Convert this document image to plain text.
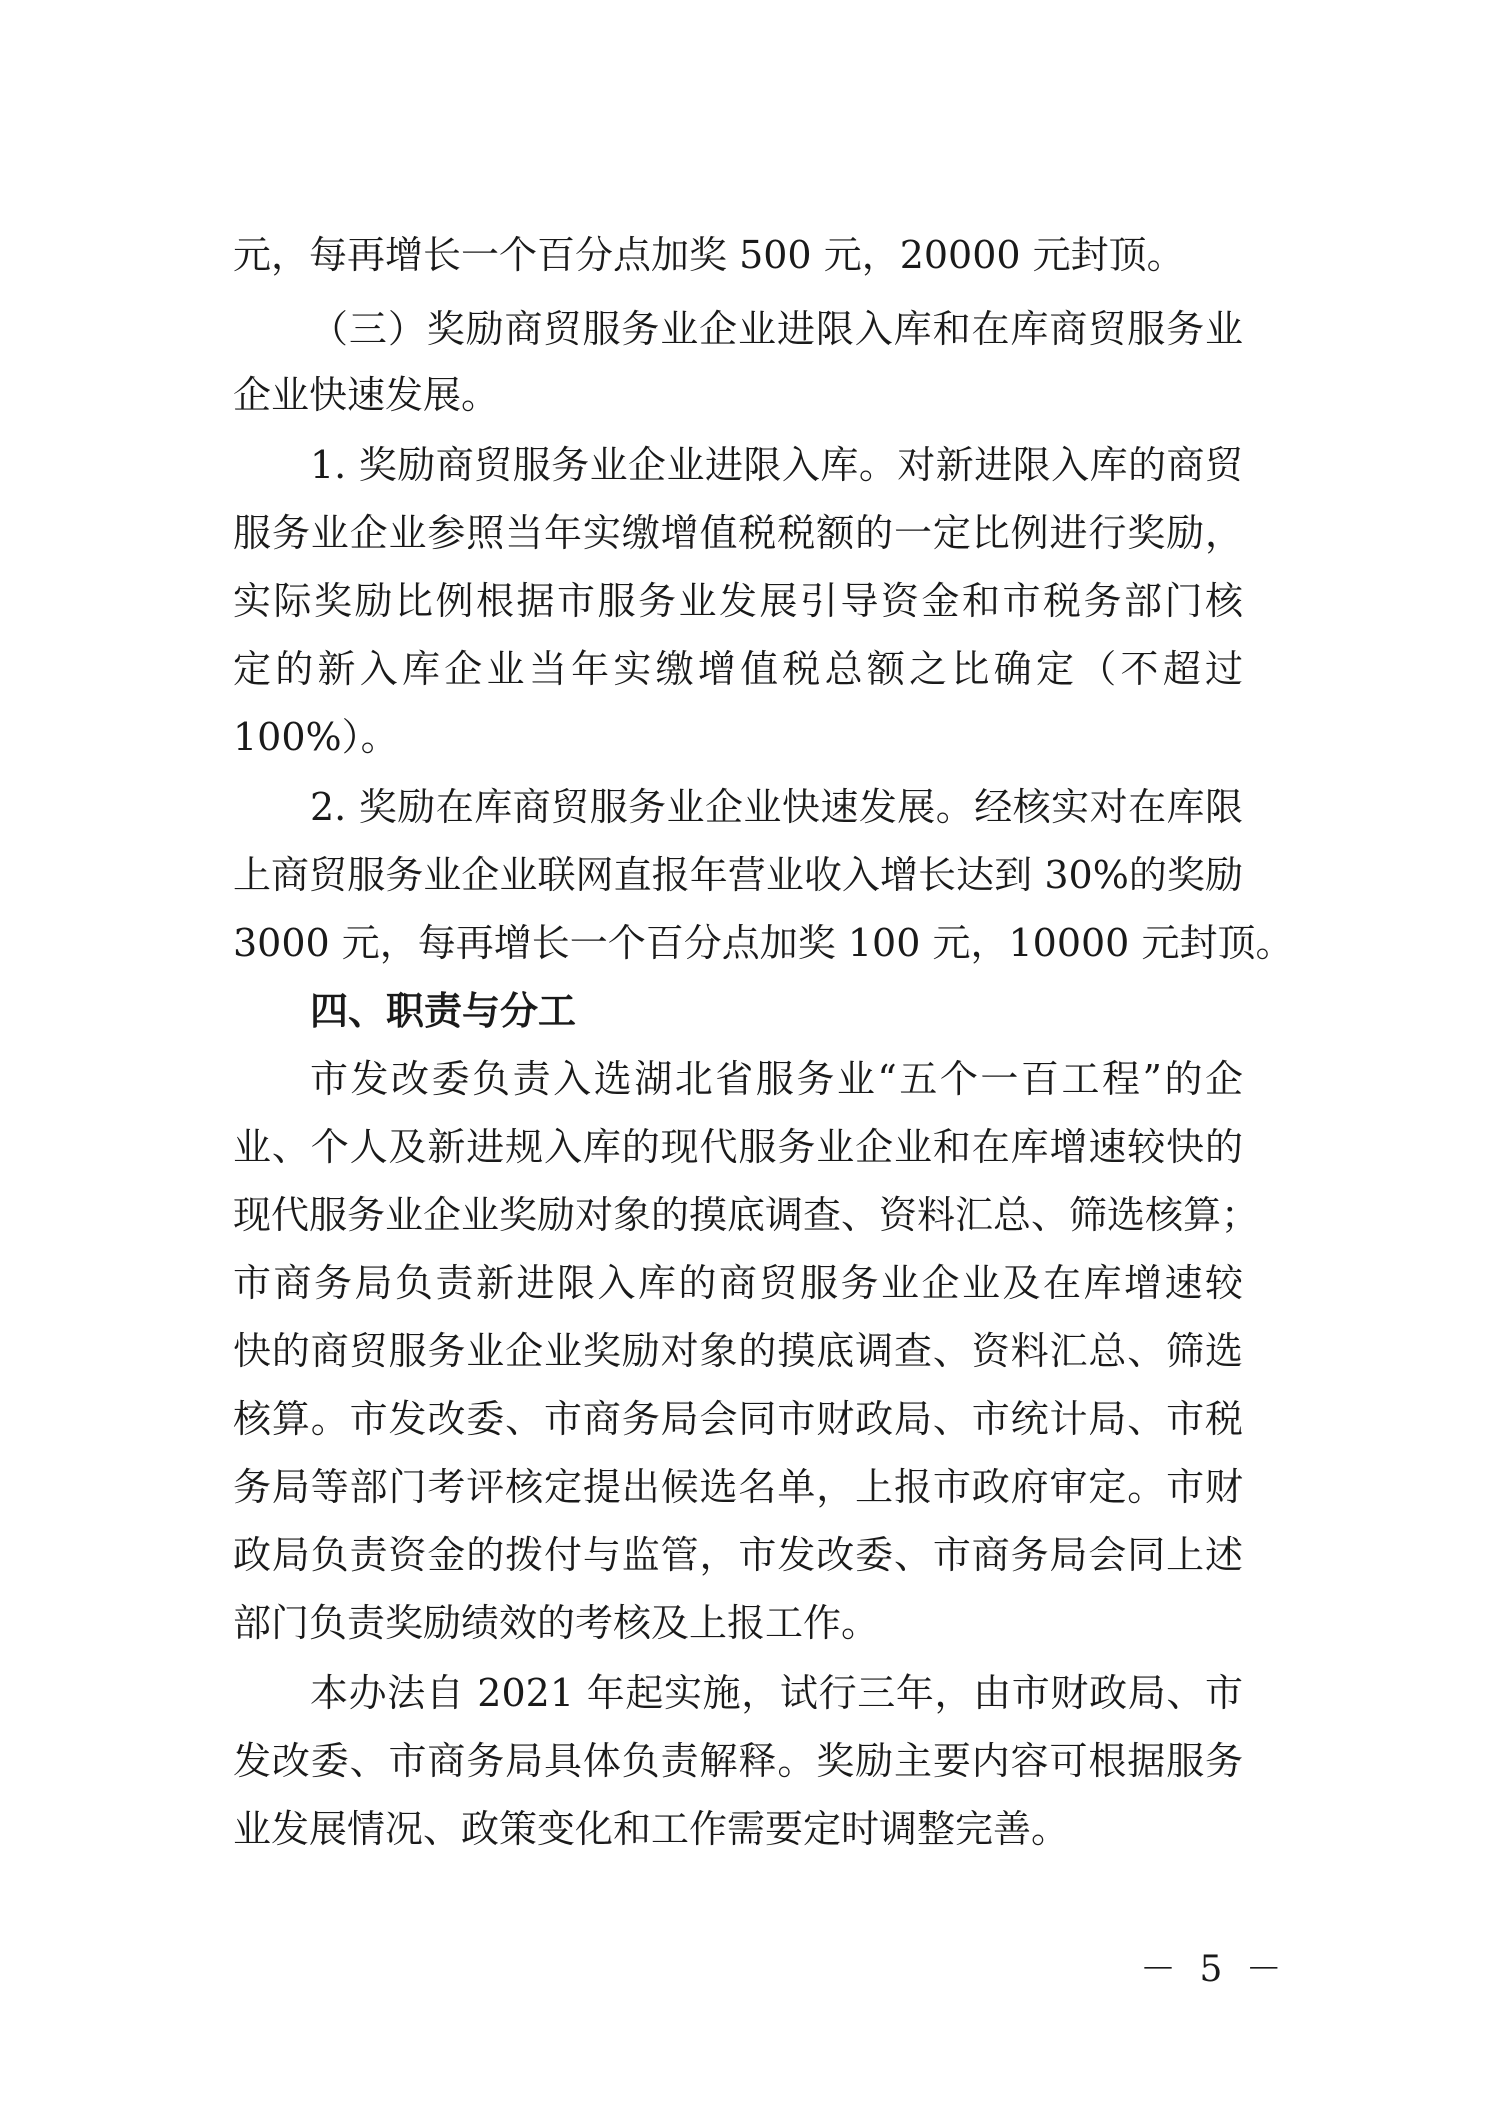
元，每再增长一个百分点加奖 500 元，20000 元封顶。
（三）奖励商贸服务业企业进限入库和在库商贸服务业
企业快速发展。
1. 奖励商贸服务业企业进限入库。对新进限入库的商贸
服务业企业参照当年实缴增值税税额的一定比例进行奖励，
实际奖励比例根据市服务业发展引导资金和市税务部门核
定的新入库企业当年实缴增值税总额之比确定（不超过
100%）。
2. 奖励在库商贸服务业企业快速发展。经核实对在库限
上商贸服务业企业联网直报年营业收入增长达到 30%的奖励
3000 元，每再增长一个百分点加奖 100 元，10000 元封顶。
四、职责与分工
市发改委负责入选湖北省服务业“五个一百工程”的企
业、个人及新进规入库的现代服务业企业和在库增速较快的
现代服务业企业奖励对象的摸底调查、资料汇总、筛选核算；
市商务局负责新进限入库的商贸服务业企业及在库增速较
快的商贸服务业企业奖励对象的摸底调查、资料汇总、筛选
核算。市发改委、市商务局会同市财政局、市统计局、市税
务局等部门考评核定提出候选名单，上报市政府审定。市财
政局负责资金的拨付与监管，市发改委、市商务局会同上述
部门负责奖励绩效的考核及上报工作。
本办法自 2021 年起实施，试行三年，由市财政局、市
发改委、市商务局具体负责解释。奖励主要内容可根据服务
业发展情况、政策变化和工作需要定时调整完善。
－ 5 －
